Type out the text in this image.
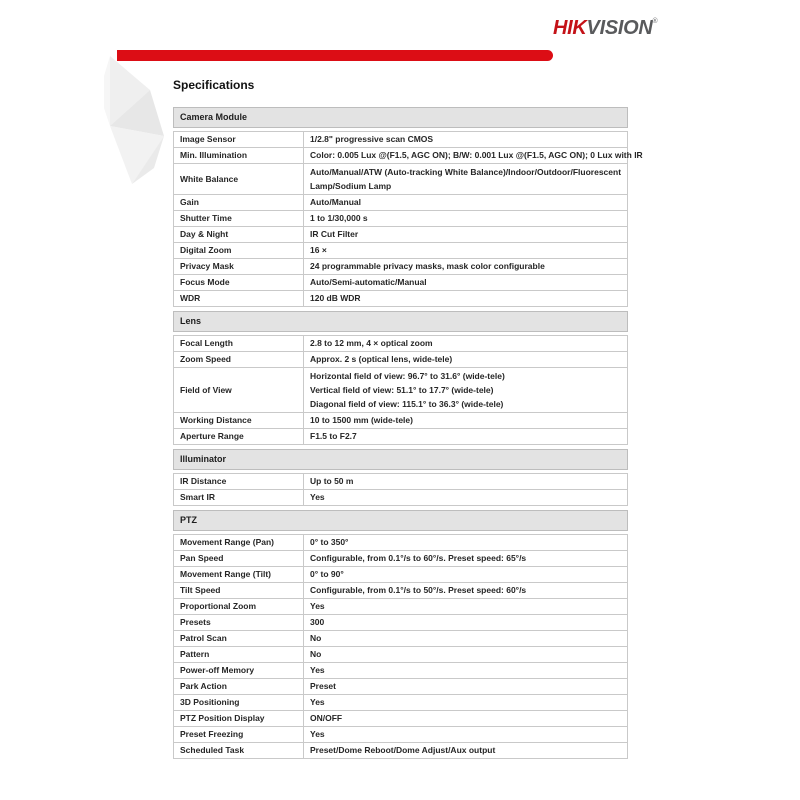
HIKVISION®
Specifications
Camera Module
Image Sensor	1/2.8" progressive scan CMOS
Min. Illumination	Color: 0.005 Lux @(F1.5, AGC ON); B/W: 0.001 Lux @(F1.5, AGC ON); 0 Lux with IR
White Balance	Auto/Manual/ATW (Auto-tracking White Balance)/Indoor/Outdoor/Fluorescent
Lamp/Sodium Lamp

Gain	Auto/Manual
Shutter Time	1 to 1/30,000 s
Day & Night	IR Cut Filter
Digital Zoom	16 ×
Privacy Mask	24 programmable privacy masks, mask color configurable
Focus Mode	Auto/Semi-automatic/Manual
WDR	120 dB WDR
Lens
Focal Length	2.8 to 12 mm, 4 × optical zoom
Zoom Speed	Approx. 2 s (optical lens, wide-tele)
Field of View	Horizontal field of view: 96.7° to 31.6° (wide-tele)
Vertical field of view: 51.1° to 17.7° (wide-tele)
Diagonal field of view: 115.1° to 36.3° (wide-tele)

Working Distance	10 to 1500 mm (wide-tele)
Aperture Range	F1.5 to F2.7
Illuminator
IR Distance	Up to 50 m
Smart IR	Yes
PTZ
Movement Range (Pan)	0° to 350°
Pan Speed	Configurable, from 0.1°/s to 60°/s. Preset speed: 65°/s
Movement Range (Tilt)	0° to 90°
Tilt Speed	Configurable, from 0.1°/s to 50°/s. Preset speed: 60°/s
Proportional Zoom	Yes
Presets	300
Patrol Scan	No
Pattern	No
Power-off Memory	Yes
Park Action	Preset
3D Positioning	Yes
PTZ Position Display	ON/OFF
Preset Freezing	Yes
Scheduled Task	Preset/Dome Reboot/Dome Adjust/Aux output
